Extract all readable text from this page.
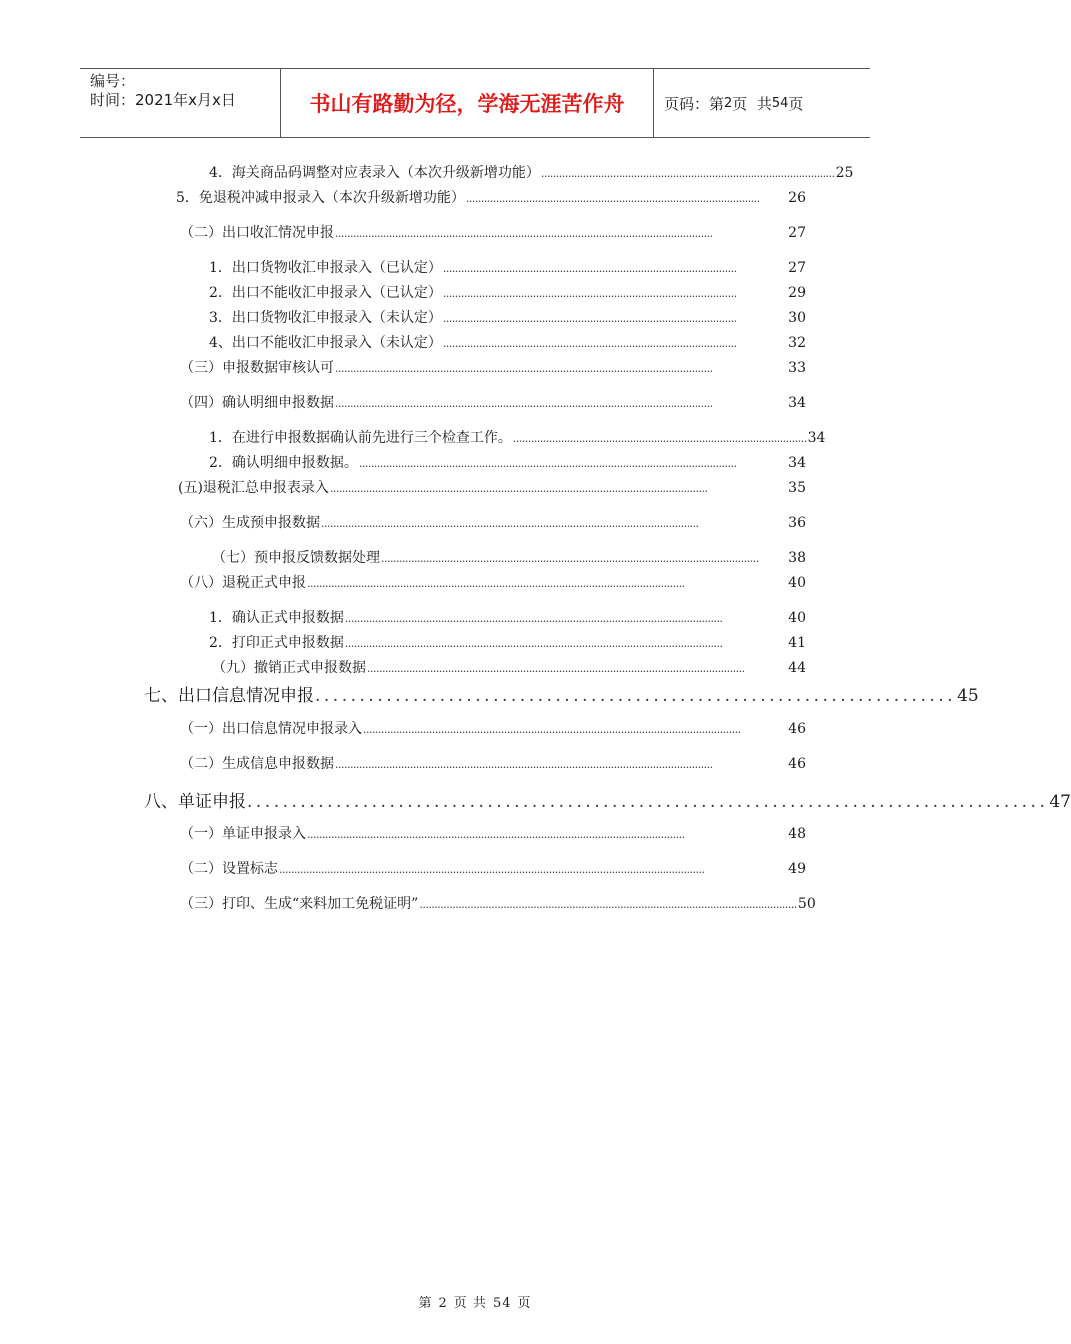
编号：
时间：2021年x月x日	书山有路勤为径，学海无涯苦作舟	页码：第 2 页  共 54 页
4．海关商品码调整对应表录入（本次升级新增功能） .................................................................................................. 25
5．免退税冲减申报录入（本次升级新增功能） ..................................................................................................	26
（二）出口收汇情况申报 ..............................................................................................................................	27
1．出口货物收汇申报录入（已认定） ..................................................................................................	27
2．出口不能收汇申报录入（已认定） ..................................................................................................	29
3．出口货物收汇申报录入（未认定） ..................................................................................................	30
4、出口不能收汇申报录入（未认定） ..................................................................................................	32
（三）申报数据审核认可 ..............................................................................................................................	33
（四）确认明细申报数据 ..............................................................................................................................	34
1．在进行申报数据确认前先进行三个检查工作。 .................................................................................................. 34
2．确认明细申报数据。 ..............................................................................................................................	34
(五)退税汇总申报表录入 ..............................................................................................................................	35
（六）生成预申报数据 ..............................................................................................................................	36
（七）预申报反馈数据处理 ..............................................................................................................................	38
（八）退税正式申报 ..............................................................................................................................	40
1．确认正式申报数据 ..............................................................................................................................	40
2．打印正式申报数据 ..............................................................................................................................	41
（九）撤销正式申报数据 ..............................................................................................................................	44
七、出口信息情况申报 ........................................................................ 45
（一）出口信息情况申报录入 ..............................................................................................................................	46
（二）生成信息申报数据 ..............................................................................................................................	46
八、单证申报 .......................................................................................... 47
（一）单证申报录入 ..............................................................................................................................	48
（二）设置标志 ..............................................................................................................................................	49
（三）打印、生成“来料加工免税证明” .............................................................................................................................. 50
第 2 页 共 54 页
